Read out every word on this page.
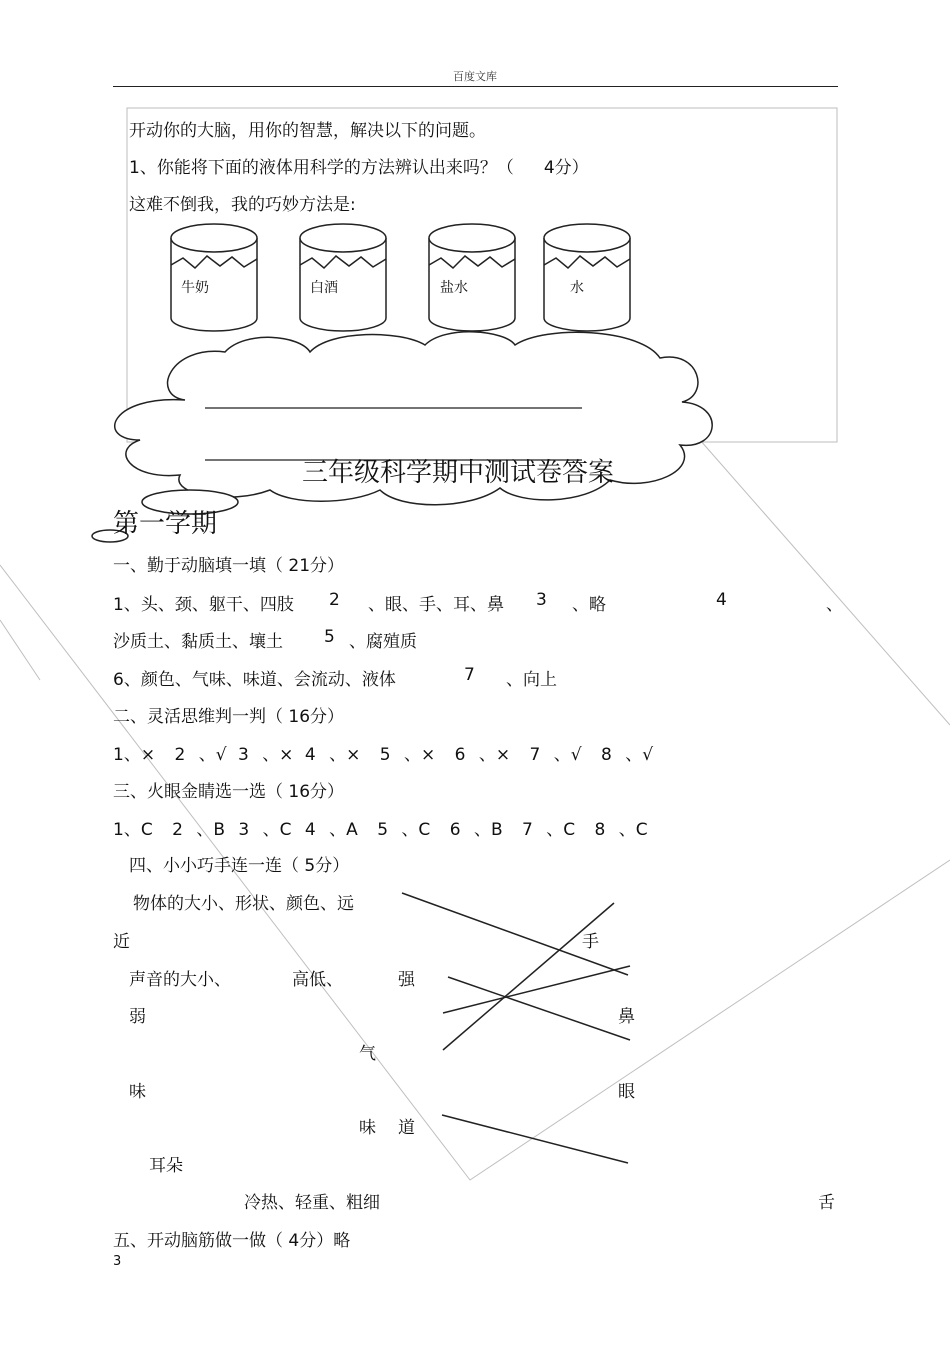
百度文库
开动你的大脑，用你的智慧，解决以下的问题。
1、你能将下面的液体用科学的方法辨认出来吗？（ 4分）
这难不倒我，我的巧妙方法是:
牛奶	白酒	盐水	水
三年级科学期中测试卷答案
第一学期
一、勤于动脑填一填（ 21分）
1、头、颈、躯干、四肢 2 、眼、手、耳、鼻 3 、略	4	、
沙质土、黏质土、壤土 5 、腐殖质
6、颜色、气味、味道、会流动、液体	7 、向上
二、灵活思维判一判（ 16分）
1、× 2 、√ 3 、× 4 、× 5 、× 6 、× 7 、√ 8 、√
三、火眼金睛选一选（ 16分）
1、C 2 、B 3 、C 4 、A 5 、C 6 、B 7 、C 8 、C
四、小小巧手连一连（ 5分）
物体的大小、形状、颜色、远
近	手
声音的大小、	高低、	强
弱	鼻
气
味	眼
味 道
耳朵
冷热、轻重、粗细	舌
五、开动脑筋做一做（ 4分）略
3
